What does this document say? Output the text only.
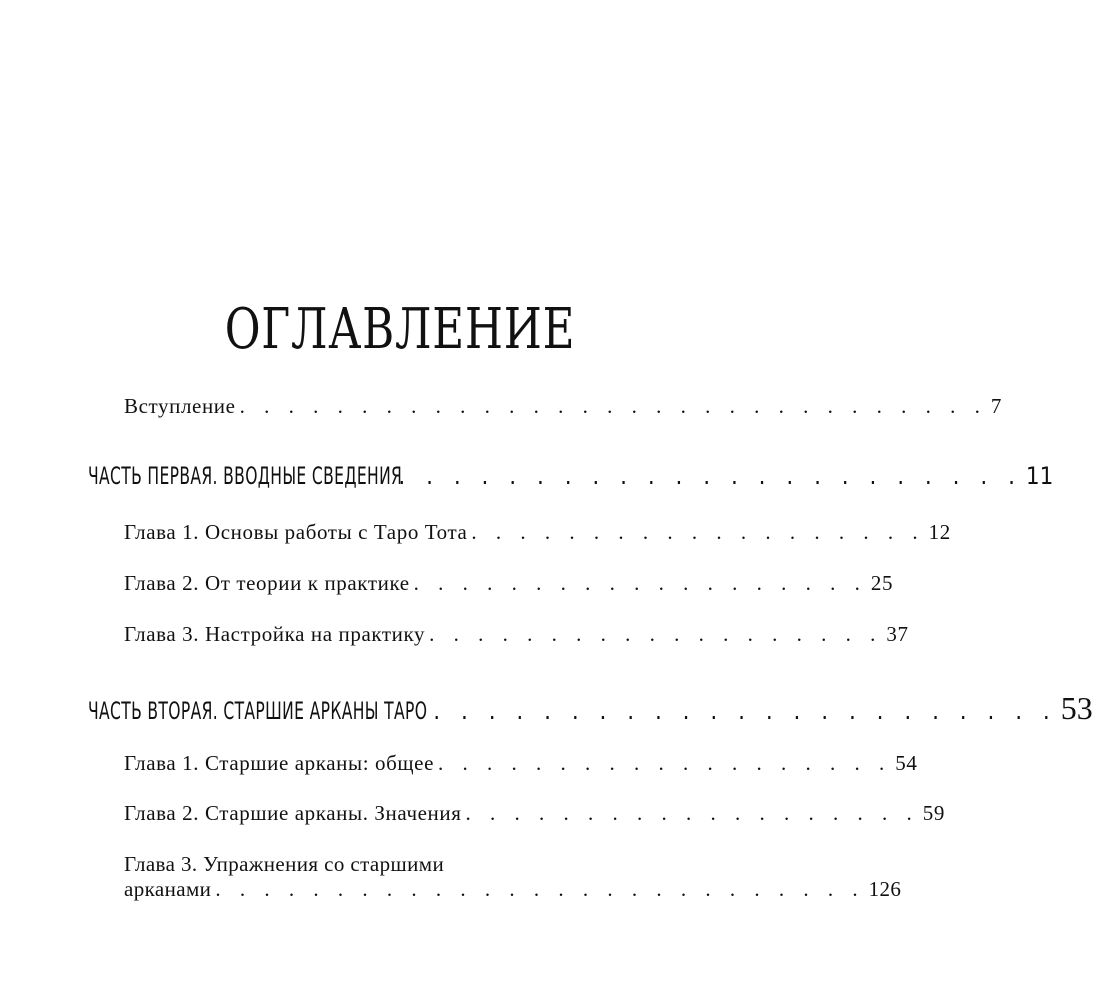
ОГЛАВЛЕНИЕ
Вступление . . . . . . . . . . . . . . . . . . . . . . . . . . . . . . . 7
ЧАСТЬ ПЕРВАЯ. ВВОДНЫЕ СВЕДЕНИЯ
. . . . . . . . . . . . . . . . . . . . . . . 11
Глава 1. Основы работы с Таро Тота . . . . . . . . . . . . . . . . . . . 12
Глава 2. От теории к практике . . . . . . . . . . . . . . . . . . . 25
Глава 3. Настройка на практику . . . . . . . . . . . . . . . . . . . 37
ЧАСТЬ ВТОРАЯ. СТАРШИЕ АРКАНЫ ТАРО . . . . . . . . . . . . . . . . . . . . . . . 53
Глава 1. Старшие арканы: общее . . . . . . . . . . . . . . . . . . . 54
Глава 2. Старшие арканы. Значения . . . . . . . . . . . . . . . . . . . 59
Глава 3. Упражнения со старшими
арканами . . . . . . . . . . . . . . . . . . . . . . . . . . . 126
